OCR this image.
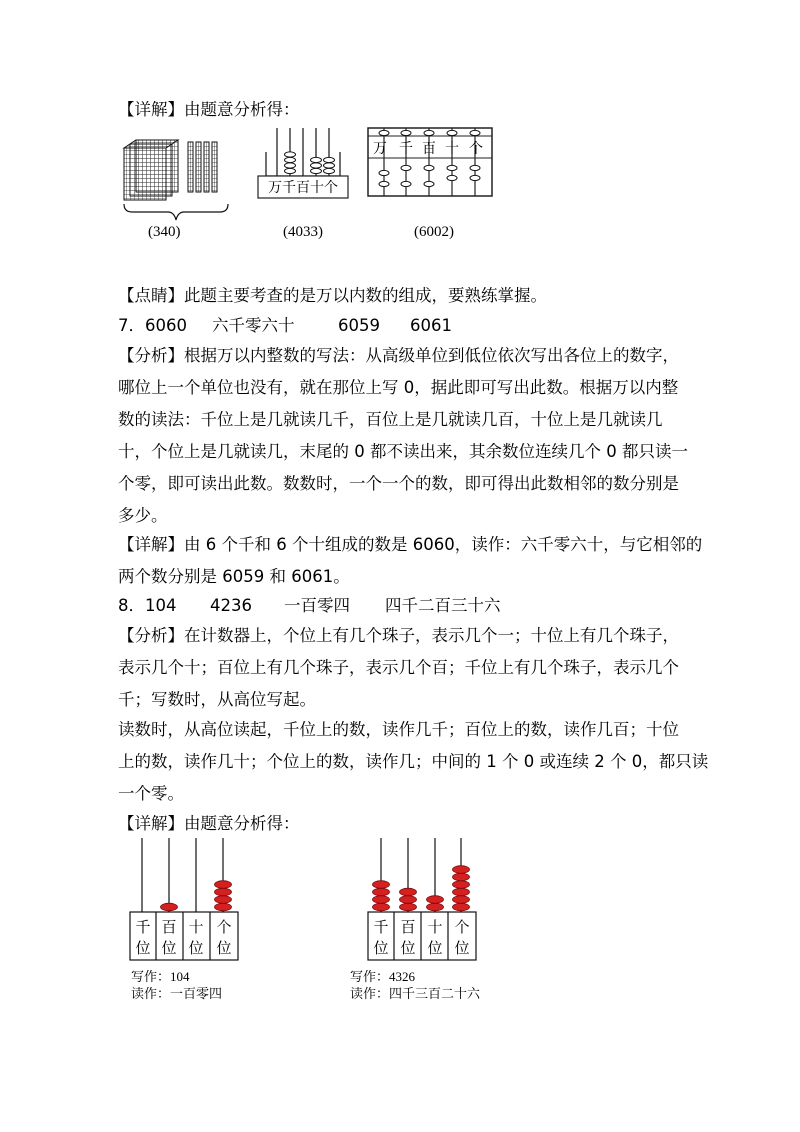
【详解】由题意分析得：
(340)
万千百十个
(4033)
万 千 百 十 个
(6002)
【点睛】此题主要考查的是万以内数的组成，要熟练掌握。
7．6060 六千零六十	6059 6061
【分析】根据万以内整数的写法：从高级单位到低位依次写出各位上的数字，
哪位上一个单位也没有，就在那位上写 0，据此即可写出此数。根据万以内整
数的读法：千位上是几就读几千，百位上是几就读几百，十位上是几就读几
十，个位上是几就读几，末尾的 0 都不读出来，其余数位连续几个 0 都只读一
个零，即可读出此数。数数时，一个一个的数，即可得出此数相邻的数分别是
多少。
【详解】由 6 个千和 6 个十组成的数是 6060，读作：六千零六十，与它相邻的
两个数分别是 6059 和 6061。
8．104 4236 一百零四 四千二百三十六
【分析】在计数器上，个位上有几个珠子，表示几个一；十位上有几个珠子，
表示几个十；百位上有几个珠子，表示几个百；千位上有几个珠子，表示几个
千；写数时，从高位写起。
读数时，从高位读起，千位上的数，读作几千；百位上的数，读作几百；十位
上的数，读作几十；个位上的数，读作几；中间的 1 个 0 或连续 2 个 0，都只读
一个零。
【详解】由题意分析得：
千
位
百
位
十
位
个
位
写作：104
读作：一百零四
千
位
百
位
十
位
个
位
写作：4326
读作：四千三百二十六
